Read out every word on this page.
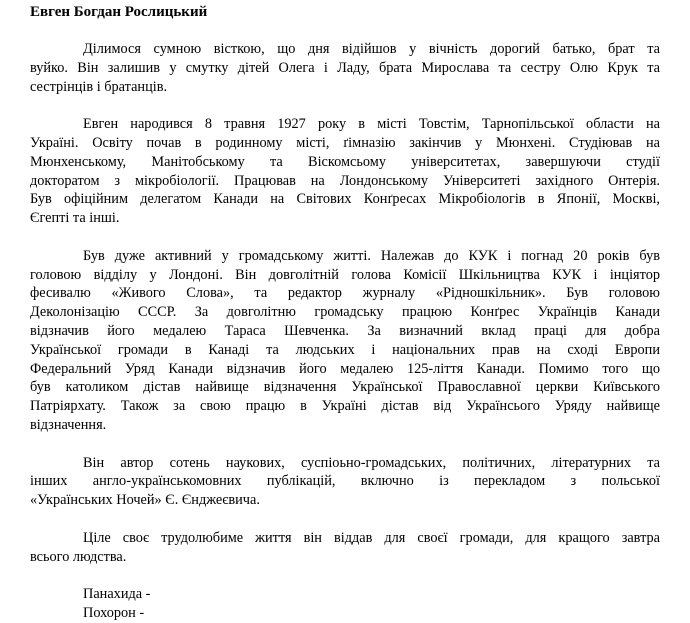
Евген Богдан Рослицький

Ділимося сумною вісткою, що дня відійшов у вічність дорогий батько, брат та
вуйко. Він залишив у смутку дітей Олега і Ладу, брата Мирослава та сестру Олю Крук та
сестрінців і братанців.

Евген народився 8 травня 1927 року в місті Товстім, Тарнопільської области на
Україні. Освіту почав в родинному місті, ґімназію закінчив у Мюнхені. Студіював на
Мюнхенському, Манітобському та Віскомсьому університетах, завершуючи студії
докторатом з мікробіології. Працював на Лондонському Університеті західного Онтерія.
Був офіційним делегатом Канади на Світових Конґресах Мікробіологів в Японії, Москві,
Єгепті та інші.

Був дуже активний у громадському житті. Належав до КУК і погнад 20 років був
головою відділу у Лондоні. Він довголітній голова Комісії Шкільництва КУК і інціятор
фесивалю «Живого Слова», та редактор журналу «Рідношкільник». Був головою
Деколонізацію СССР. За довголітню громадську працюю Конґрес Українців Канади
відзначив його медалею Тараса Шевченка. За визначний вклад праці для добра
Української громади в Канаді та людських і національних прав на сході Европи
Федеральний Уряд Канади відзначив його медалею 125-ліття Канади. Помимо того що
був католиком дістав найвище відзначення Української Православної церкви Київського
Патріярхату. Також за свою працю в Україні дістав від Українсього Уряду найвище
відзначення.

Він автор сотень наукових, суспіоьно-громадських, політичних, літературних та
інших англо-українськомовних публікацій, включно із перекладом з польської
«Українських Ночей» Є. Єнджеєвича.

Ціле своє трудолюбиме життя він віддав для своєї громади, для кращого завтра
всього людства.

Панахида -
Похорон -
